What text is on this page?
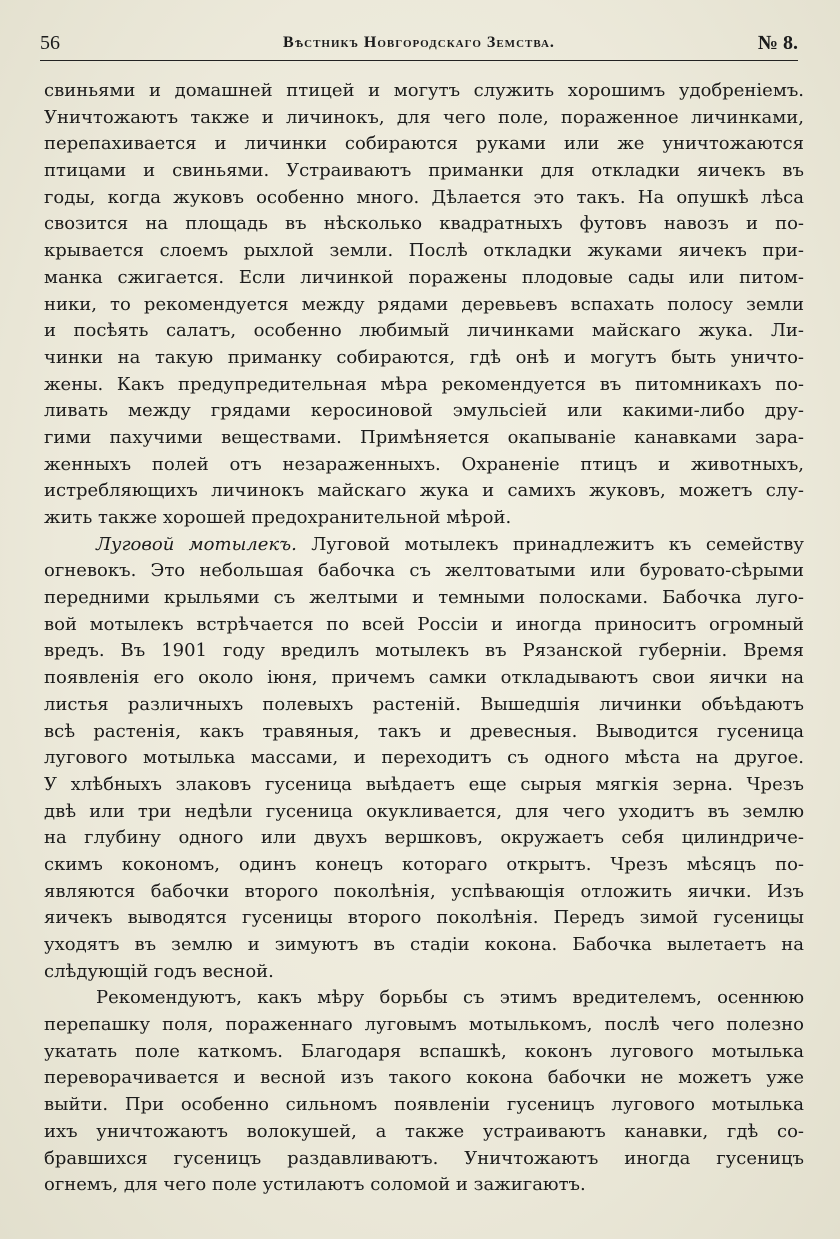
56	Вѣстникъ Новгородскаго Земства.	№ 8.
свиньями и домашней птицей и могутъ служить хорошимъ удобренiемъ.
Уничтожаютъ также и личинокъ, для чего поле, пораженное личинками,
перепахивается и личинки собираются руками или же уничтожаются
птицами и свиньями. Устраиваютъ приманки для откладки яичекъ въ
годы, когда жуковъ особенно много. Дѣлается это такъ. На опушкѣ лѣса
свозится на площадь въ нѣсколько квадратныхъ футовъ навозъ и по-
крывается слоемъ рыхлой земли. Послѣ откладки жуками яичекъ при-
манка сжигается. Если личинкой поражены плодовые сады или питом-
ники, то рекомендуется между рядами деревьевъ вспахать полосу земли
и посѣять салатъ, особенно любимый личинками майскаго жука. Ли-
чинки на такую приманку собираются, гдѣ онѣ и могутъ быть уничто-
жены. Какъ предупредительная мѣра рекомендуется въ питомникахъ по-
ливать между грядами керосиновой эмульсiей или какими-либо дру-
гими пахучими веществами. Примѣняется окапыванiе канавками зара-
женныхъ полей отъ незараженныхъ. Охраненiе птицъ и животныхъ,
истребляющихъ личинокъ майскаго жука и самихъ жуковъ, можетъ слу-
жить также хорошей предохранительной мѣрой.
Луговой мотылекъ. Луговой мотылекъ принадлежитъ къ семейству
огневокъ. Это небольшая бабочка съ желтоватыми или буровато-сѣрыми
передними крыльями съ желтыми и темными полосками. Бабочка луго-
вой мотылекъ встрѣчается по всей Россiи и иногда приноситъ огромный
вредъ. Въ 1901 году вредилъ мотылекъ въ Рязанской губернiи. Время
появленiя его около iюня, причемъ самки откладываютъ свои яички на
листья различныхъ полевыхъ растенiй. Вышедшiя личинки объѣдаютъ
всѣ растенiя, какъ травяныя, такъ и древесныя. Выводится гусеница
лугового мотылька массами, и переходитъ съ одного мѣста на другое.
У хлѣбныхъ злаковъ гусеница выѣдаетъ еще сырыя мягкiя зерна. Чрезъ
двѣ или три недѣли гусеница окукливается, для чего уходитъ въ землю
на глубину одного или двухъ вершковъ, окружаетъ себя цилиндриче-
скимъ кокономъ, одинъ конецъ котораго открытъ. Чрезъ мѣсяцъ по-
являются бабочки второго поколѣнiя, успѣвающiя отложить яички. Изъ
яичекъ выводятся гусеницы второго поколѣнiя. Передъ зимой гусеницы
уходятъ въ землю и зимуютъ въ стадiи кокона. Бабочка вылетаетъ на
слѣдующiй годъ весной.
Рекомендуютъ, какъ мѣру борьбы съ этимъ вредителемъ, осеннюю
перепашку поля, пораженнаго луговымъ мотылькомъ, послѣ чего полезно
укатать поле каткомъ. Благодаря вспашкѣ, коконъ лугового мотылька
переворачивается и весной изъ такого кокона бабочки не можетъ уже
выйти. При особенно сильномъ появленiи гусеницъ лугового мотылька
ихъ уничтожаютъ волокушей, а также устраиваютъ канавки, гдѣ со-
бравшихся гусеницъ раздавливаютъ. Уничтожаютъ иногда гусеницъ
огнемъ, для чего поле устилаютъ соломой и зажигаютъ.
